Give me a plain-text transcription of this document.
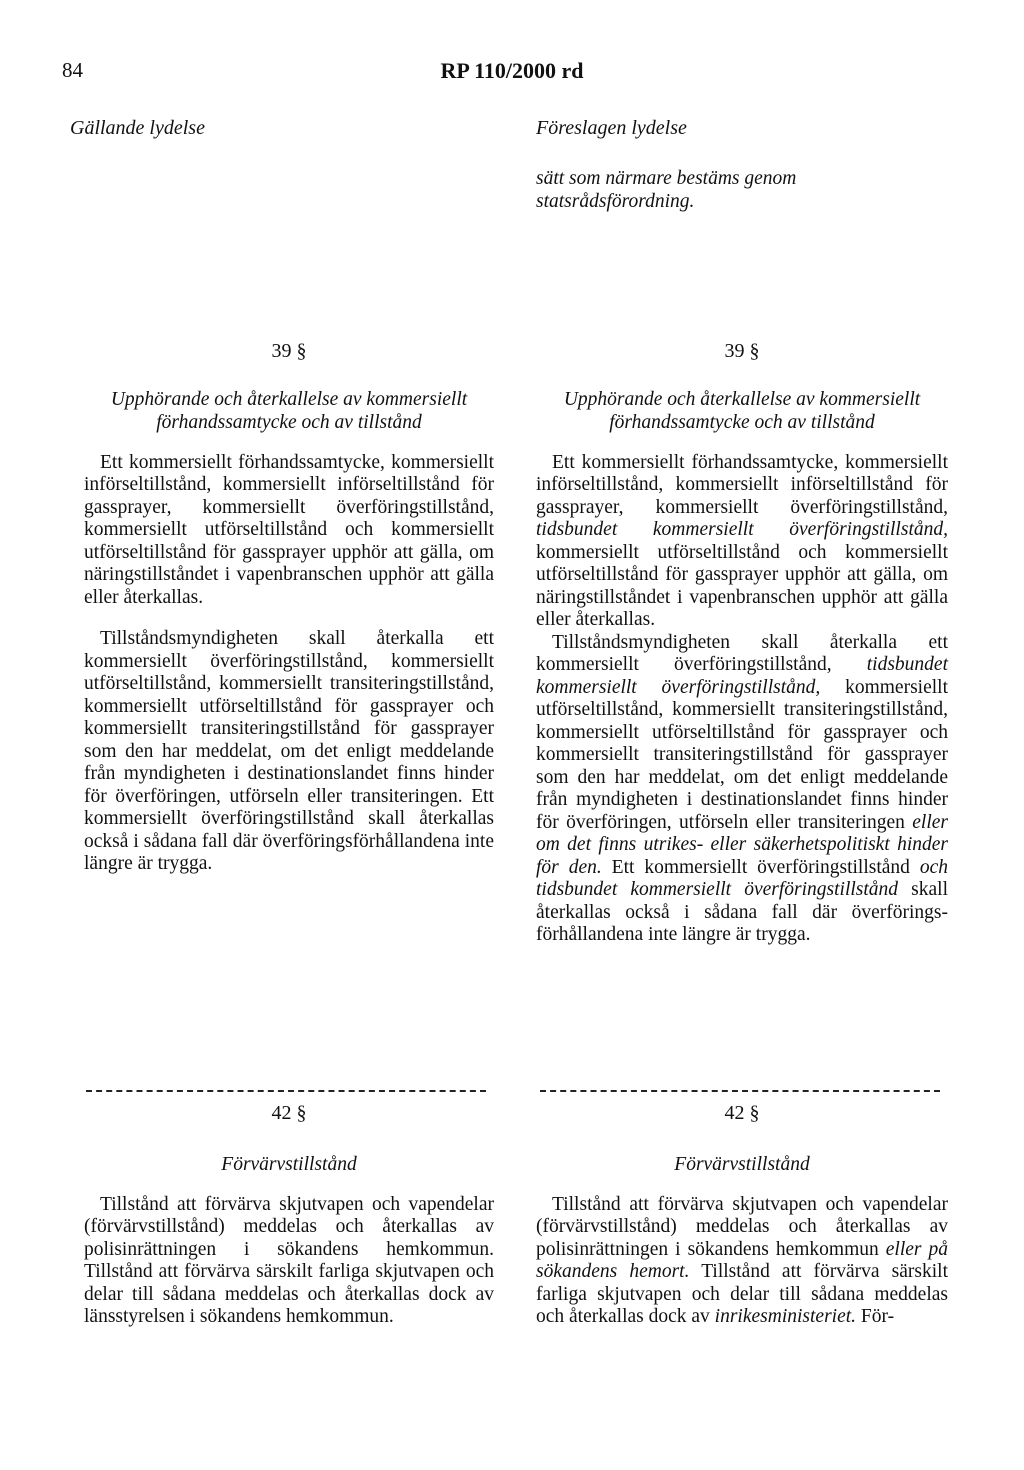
84	RP 110/2000 rd
Gällande lydelse	Föreslagen lydelse
sätt som närmare bestäms genom statsrådsförordning.
39 §
Upphörande och återkallelse av kommersiellt förhandssamtycke och av tillstånd

Ett kommersiellt förhandssamtycke, kommersiellt införseltillstånd, kommersiellt införseltillstånd för gassprayer, kommersiellt överföringstillstånd, kommersiellt utförseltillstånd och kommersiellt utförseltillstånd för gassprayer upphör att gälla, om näringstillståndet i vapenbranschen upphör att gälla eller återkallas.

Tillståndsmyndigheten skall återkalla ett kommersiellt överföringstillstånd, kommersiellt utförseltillstånd, kommersiellt transiteringstillstånd, kommersiellt utförseltillstånd för gassprayer och kommersiellt transiteringstillstånd för gassprayer som den har meddelat, om det enligt meddelande från myndigheten i destinationslandet finns hinder för överföringen, utförseln eller transiteringen. Ett kommersiellt överföringstillstånd skall återkallas också i sådana fall där överföringsförhållandena inte längre är trygga.

39 §
Upphörande och återkallelse av kommersiellt förhandssamtycke och av tillstånd

Ett kommersiellt förhandssamtycke, kommersiellt införseltillstånd, kommersiellt införseltillstånd för gassprayer, kommersiellt överföringstillstånd, tidsbundet kommersiellt överföringstillstånd, kommersiellt utförseltillstånd och kommersiellt utförseltillstånd för gassprayer upphör att gälla, om näringstillståndet i vapenbranschen upphör att gälla eller återkallas.

Tillståndsmyndigheten skall återkalla ett kommersiellt överföringstillstånd, tidsbundet kommersiellt överföringstillstånd, kommersiellt utförseltillstånd, kommersiellt transiteringstillstånd, kommersiellt utförseltillstånd för gassprayer och kommersiellt transiteringstillstånd för gassprayer som den har meddelat, om det enligt meddelande från myndigheten i destinationslandet finns hinder för överföringen, utförseln eller transiteringen eller om det finns utrikes- eller säkerhetspolitiskt hinder för den. Ett kommersiellt överföringstillstånd och tidsbundet kommersiellt överföringstillstånd skall återkallas också i sådana fall där överförings- förhållandena inte längre är trygga.

42 §
Förvärvstillstånd

Tillstånd att förvärva skjutvapen och vapendelar (förvärvstillstånd) meddelas och återkallas av polisinrättningen i sökandens hemkommun. Tillstånd att förvärva särskilt farliga skjutvapen och delar till sådana meddelas och återkallas dock av länsstyrelsen i sökandens hemkommun.

42 §
Förvärvstillstånd

Tillstånd att förvärva skjutvapen och vapendelar (förvärvstillstånd) meddelas och återkallas av polisinrättningen i sökandens hemkommun eller på sökandens hemort. Tillstånd att förvärva särskilt farliga skjutvapen och delar till sådana meddelas och återkallas dock av inrikesministeriet. För-
